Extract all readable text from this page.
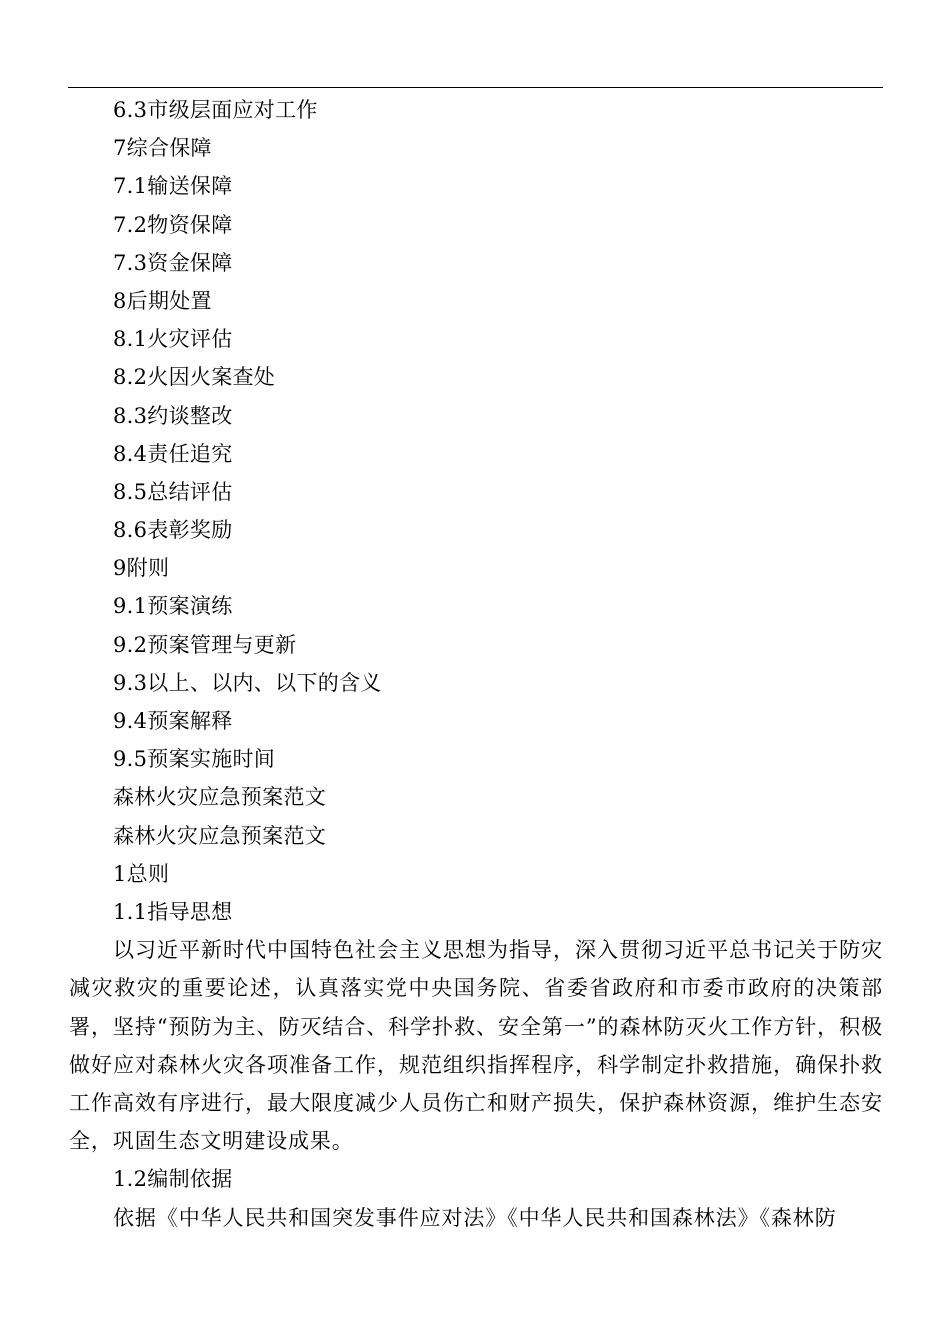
6.3市级层面应对工作
7综合保障
7.1输送保障
7.2物资保障
7.3资金保障
8后期处置
8.1火灾评估
8.2火因火案查处
8.3约谈整改
8.4责任追究
8.5总结评估
8.6表彰奖励
9附则
9.1预案演练
9.2预案管理与更新
9.3以上、以内、以下的含义
9.4预案解释
9.5预案实施时间
森林火灾应急预案范文
森林火灾应急预案范文
1总则
1.1指导思想

以习近平新时代中国特色社会主义思想为指导，深入贯彻习近平总书记关于防灾减灾救灾的重要论述，认真落实党中央国务院、省委省政府和市委市政府的决策部署，坚持“预防为主、防灭结合、科学扑救、安全第一”的森林防灭火工作方针，积极做好应对森林火灾各项准备工作，规范组织指挥程序，科学制定扑救措施，确保扑救工作高效有序进行，最大限度减少人员伤亡和财产损失，保护森林资源，维护生态安全，巩固生态文明建设成果。

1.2编制依据

依据《中华人民共和国突发事件应对法》《中华人民共和国森林法》《森林防
